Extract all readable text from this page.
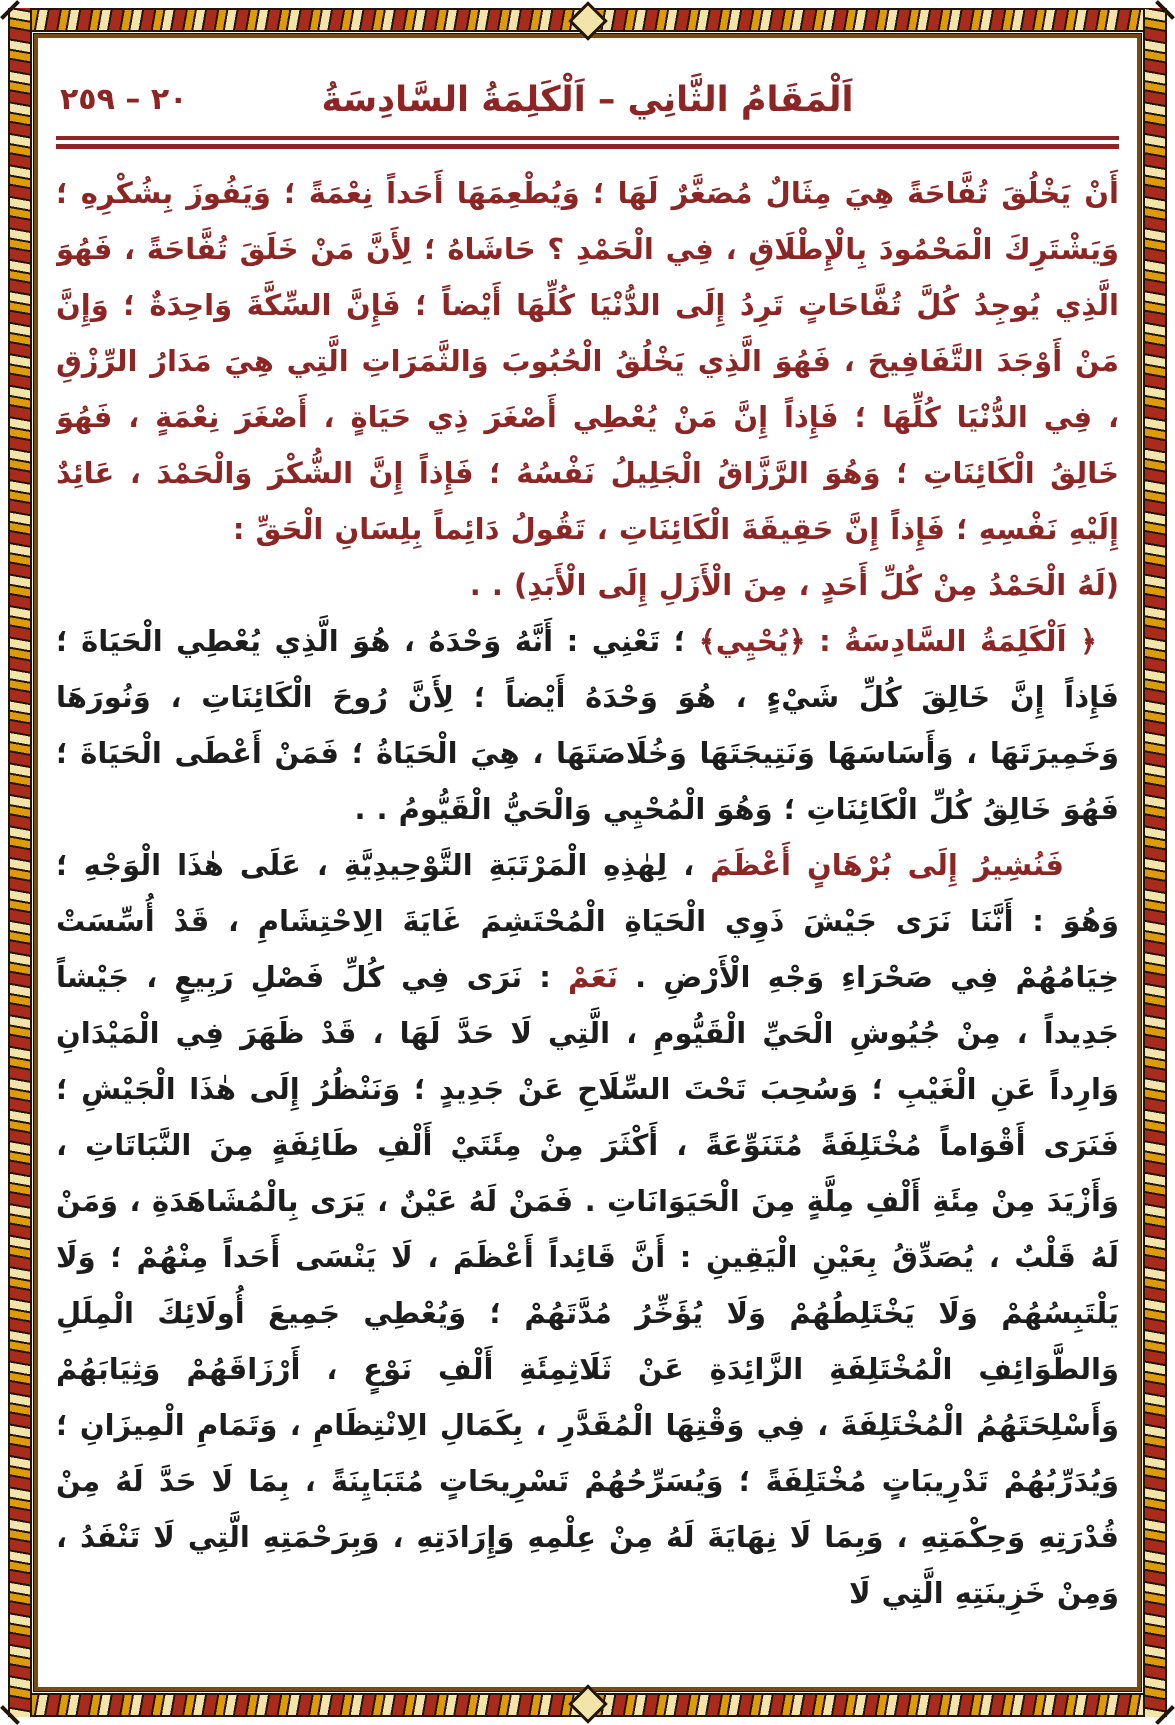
٢٠ – ٢٥٩	اَلْمَقَامُ الثَّانِي – اَلْكَلِمَةُ السَّادِسَةُ

أَنْ يَخْلُقَ تُفَّاحَةً هِيَ مِثَالٌ مُصَغَّرٌ لَهَا ؛ وَيُطْعِمَهَا أَحَداً نِعْمَةً ؛ وَيَفُوزَ بِشُكْرِهِ ؛ وَيَشْتَرِكَ الْمَحْمُودَ بِالْإِطْلَاقِ ، فِي الْحَمْدِ ؟ حَاشَاهُ ؛ لِأَنَّ مَنْ خَلَقَ تُفَّاحَةً ، فَهُوَ الَّذِي يُوجِدُ كُلَّ تُفَّاحَاتٍ تَرِدُ إِلَى الدُّنْيَا كُلِّهَا أَيْضاً ؛ فَإِنَّ السِّكَّةَ وَاحِدَةٌ ؛ وَإِنَّ مَنْ أَوْجَدَ التَّفَافِيحَ ، فَهُوَ الَّذِي يَخْلُقُ الْحُبُوبَ وَالثَّمَرَاتِ الَّتِي هِيَ مَدَارُ الرِّزْقِ ، فِي الدُّنْيَا كُلِّهَا ؛ فَإِذاً إِنَّ مَنْ يُعْطِي أَصْغَرَ ذِي حَيَاةٍ ، أَصْغَرَ نِعْمَةٍ ، فَهُوَ خَالِقُ الْكَائِنَاتِ ؛ وَهُوَ الرَّزَّاقُ الْجَلِيلُ نَفْسُهُ ؛ فَإِذاً إِنَّ الشُّكْرَ وَالْحَمْدَ ، عَائِدٌ إِلَيْهِ نَفْسِهِ ؛ فَإِذاً إِنَّ حَقِيقَةَ الْكَائِنَاتِ ، تَقُولُ دَائِماً بِلِسَانِ الْحَقِّ :

(لَهُ الْحَمْدُ مِنْ كُلِّ أَحَدٍ ، مِنَ الْأَزَلِ إِلَى الْأَبَدِ) . .

﴿ اَلْكَلِمَةُ السَّادِسَةُ : ﴿يُحْيِي﴾ ؛ تَعْنِي : أَنَّهُ وَحْدَهُ ، هُوَ الَّذِي يُعْطِي الْحَيَاةَ ؛ فَإِذاً إِنَّ خَالِقَ كُلِّ شَيْءٍ ، هُوَ وَحْدَهُ أَيْضاً ؛ لِأَنَّ رُوحَ الْكَائِنَاتِ ، وَنُورَهَا وَخَمِيرَتَهَا ، وَأَسَاسَهَا وَنَتِيجَتَهَا وَخُلَاصَتَهَا ، هِيَ الْحَيَاةُ ؛ فَمَنْ أَعْطَى الْحَيَاةَ ؛ فَهُوَ خَالِقُ كُلِّ الْكَائِنَاتِ ؛ وَهُوَ الْمُحْيِي وَالْحَيُّ الْقَيُّومُ . .

فَنُشِيرُ إِلَى بُرْهَانٍ أَعْظَمَ ، لِهٰذِهِ الْمَرْتَبَةِ التَّوْحِيدِيَّةِ ، عَلَى هٰذَا الْوَجْهِ ؛ وَهُوَ : أَنَّنَا نَرَى جَيْشَ ذَوِي الْحَيَاةِ الْمُحْتَشِمَ غَايَةَ الِاحْتِشَامِ ، قَدْ أُسِّسَتْ خِيَامُهُمْ فِي صَحْرَاءِ وَجْهِ الْأَرْضِ . نَعَمْ : نَرَى فِي كُلِّ فَصْلِ رَبِيعٍ ، جَيْشاً جَدِيداً ، مِنْ جُيُوشِ الْحَيِّ الْقَيُّومِ ، الَّتِي لَا حَدَّ لَهَا ، قَدْ ظَهَرَ فِي الْمَيْدَانِ وَارِداً عَنِ الْغَيْبِ ؛ وَسُحِبَ تَحْتَ السِّلَاحِ عَنْ جَدِيدٍ ؛ وَنَنْظُرُ إِلَى هٰذَا الْجَيْشِ ؛ فَنَرَى أَقْوَاماً مُخْتَلِفَةً مُتَنَوِّعَةً ، أَكْثَرَ مِنْ مِئَتَيْ أَلْفِ طَائِفَةٍ مِنَ النَّبَاتَاتِ ، وَأَزْيَدَ مِنْ مِئَةِ أَلْفِ مِلَّةٍ مِنَ الْحَيَوَانَاتِ . فَمَنْ لَهُ عَيْنٌ ، يَرَى بِالْمُشَاهَدَةِ ، وَمَنْ لَهُ قَلْبٌ ، يُصَدِّقُ بِعَيْنِ الْيَقِينِ : أَنَّ قَائِداً أَعْظَمَ ، لَا يَنْسَى أَحَداً مِنْهُمْ ؛ وَلَا يَلْتَبِسُهُمْ وَلَا يَخْتَلِطُهُمْ وَلَا يُؤَخِّرُ مُدَّتَهُمْ ؛ وَيُعْطِي جَمِيعَ أُولَائِكَ الْمِلَلِ وَالطَّوَائِفِ الْمُخْتَلِفَةِ الزَّائِدَةِ عَنْ ثَلَاثِمِئَةِ أَلْفِ نَوْعٍ ، أَرْزَاقَهُمْ وَثِيَابَهُمْ وَأَسْلِحَتَهُمُ الْمُخْتَلِفَةَ ، فِي وَقْتِهَا الْمُقَدَّرِ ، بِكَمَالِ الِانْتِظَامِ ، وَتَمَامِ الْمِيزَانِ ؛ وَيُدَرِّبُهُمْ تَدْرِيبَاتٍ مُخْتَلِفَةً ؛ وَيُسَرِّحُهُمْ تَسْرِيحَاتٍ مُتَبَايِنَةً ، بِمَا لَا حَدَّ لَهُ مِنْ قُدْرَتِهِ وَحِكْمَتِهِ ، وَبِمَا لَا نِهَايَةَ لَهُ مِنْ عِلْمِهِ وَإِرَادَتِهِ ، وَبِرَحْمَتِهِ الَّتِي لَا تَنْفَدُ ، وَمِنْ خَزِينَتِهِ الَّتِي لَا
